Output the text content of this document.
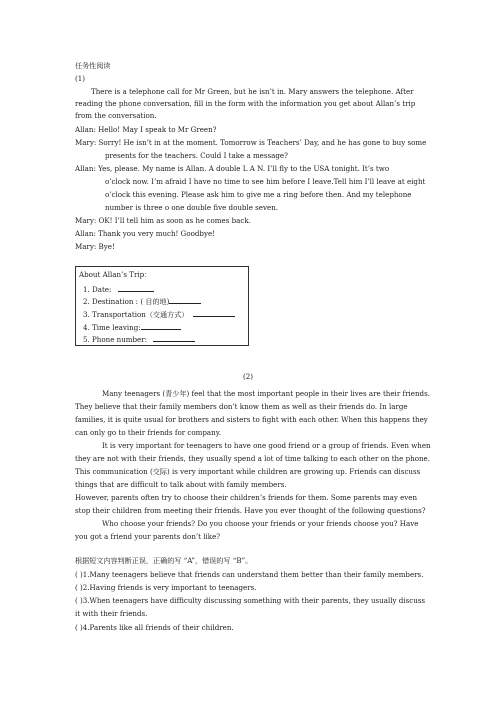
任务性阅读
(1)
There is a telephone call for Mr Green, but he isn’t in. Mary answers the telephone. After
reading the phone conversation, fill in the form with the information you get about Allan’s trip
from the conversation.
Allan: Hello! May I speak to Mr Green?
Mary: Sorry! He isn’t in at the moment. Tomorrow is Teachers’ Day, and he has gone to buy some
presents for the teachers. Could I take a message?
Allan: Yes, please. My name is Allan. A double L A N. I’ll fly to the USA tonight. It’s two
o’clock now. I’m afraid I have no time to see him before I leave.Tell him I’ll leave at eight
o’clock this evening. Please ask him to give me a ring before then. And my telephone
number is three o one double five double seven.
Mary: OK! I’ll tell him as soon as he comes back.
Allan: Thank you very much! Goodbye!
Mary: Bye!
About Allan’s Trip：
1. Date:
2. Destination : ( 目的地)
3. Transportation（交通方式）
4. Time leaving:
5. Phone number:
(2)
Many teenagers (青少年) feel that the most important people in their lives are their friends.
They believe that their family members don’t know them as well as their friends do. In large
families, it is quite usual for brothers and sisters to fight with each other. When this happens they
can only go to their friends for company.
It is very important for teenagers to have one good friend or a group of friends. Even when
they are not with their friends, they usually spend a lot of time talking to each other on the phone.
This communication (交际) is very important while children are growing up. Friends can discuss
things that are difficult to talk about with family members.
However, parents often try to choose their children’s friends for them. Some parents may even
stop their children from meeting their friends. Have you ever thought of the following questions?
Who choose your friends? Do you choose your friends or your friends choose you? Have
you got a friend your parents don’t like?
根据短文内容判断正误，正确的写 “A”，错误的写 “B”。
( )1.Many teenagers believe that friends can understand them better than their family members.
( )2.Having friends is very important to teenagers.
( )3.When teenagers have difficulty discussing something with their parents, they usually discuss
it with their friends.
( )4.Parents like all friends of their children.
